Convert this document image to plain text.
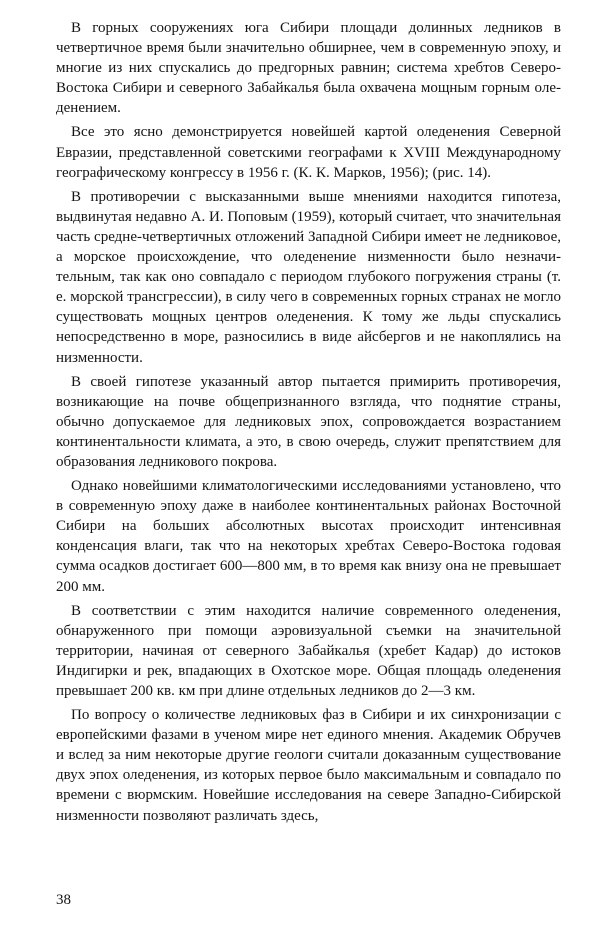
В горных сооружениях юга Сибири площади долинных ледников в четвертичное время были значительно обширнее, чем в современную эпоху, и многие из них спускались до предгорных равнин; система хребтов Северо-Востока Сибири и северного Забайкалья была охвачена мощным горным оледенением.

Все это ясно демонстрируется новейшей картой оледенения Северной Евразии, представленной советскими географами к XVIII Международному географическому конгрессу в 1956 г. (К. К. Марков, 1956); (рис. 14).

В противоречии с высказанными выше мнениями находится гипотеза, выдвинутая недавно А. И. Поповым (1959), который считает, что значительная часть средне-четвертичных отложений Западной Сибири имеет не ледниковое, а морское происхождение, что оледенение низменности было незначительным, так как оно совпадало с периодом глубокого погружения страны (т. е. морской трансгрессии), в силу чего в современных горных странах не могло существовать мощных центров оледенения. К тому же льды спускались непосредственно в море, разносились в виде айсбергов и не накоплялись на низменности.

В своей гипотезе указанный автор пытается примирить противоречия, возникающие на почве общепризнанного взгляда, что поднятие страны, обычно допускаемое для ледниковых эпох, сопровождается возрастанием континентальности климата, а это, в свою очередь, служит препятствием для образования ледникового покрова.

Однако новейшими климатологическими исследованиями установлено, что в современную эпоху даже в наиболее континентальных районах Восточной Сибири на больших абсолютных высотах происходит интенсивная конденсация влаги, так что на некоторых хребтах Северо-Востока годовая сумма осадков достигает 600—800 мм, в то время как внизу она не превышает 200 мм.

В соответствии с этим находится наличие современного оледенения, обнаруженного при помощи аэровизуальной съемки на значительной территории, начиная от северного Забайкалья (хребет Кадар) до истоков Индигирки и рек, впадающих в Охотское море. Общая площадь оледенения превышает 200 кв. км при длине отдельных ледников до 2—3 км.

По вопросу о количестве ледниковых фаз в Сибири и их синхронизации с европейскими фазами в ученом мире нет единого мнения. Академик Обручев и вслед за ним некоторые другие геологи считали доказанным существование двух эпох оледенения, из которых первое было максимальным и совпадало по времени с вюрмским. Новейшие исследования на севере Западно-Сибирской низменности позволяют различать здесь,

38
